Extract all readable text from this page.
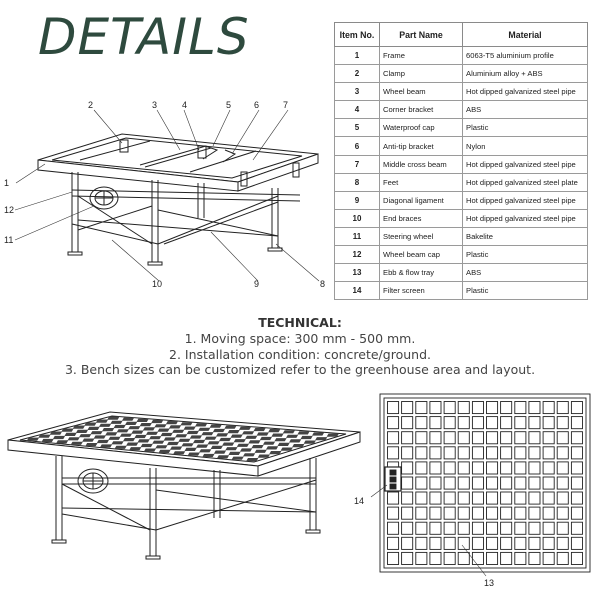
DETAILS	Item No.	Part Name	Material
1	Frame	6063-T5 aluminium profile
2	Clamp	Aluminium alloy + ABS
3	Wheel beam	Hot dipped galvanized steel pipe
4	Corner bracket	ABS
5	Waterproof cap	Plastic
6	Anti-tip bracket	Nylon
7	Middle cross beam	Hot dipped galvanized steel pipe
8	Feet	Hot dipped galvanized steel plate
9	Diagonal ligament	Hot dipped galvanized steel pipe
10	End braces	Hot dipped galvanized steel pipe
11	Steering wheel	Bakelite
12	Wheel beam cap	Plastic
13	Ebb & flow tray	ABS
14	Filter screen	Plastic
TECHNICAL:
1. Moving space: 300 mm - 500 mm.
2. Installation condition: concrete/ground.
3. Bench sizes can be customized refer to the greenhouse area and layout.
1
2	3	4	5	6	7
8
9
10
11
12
14
13
